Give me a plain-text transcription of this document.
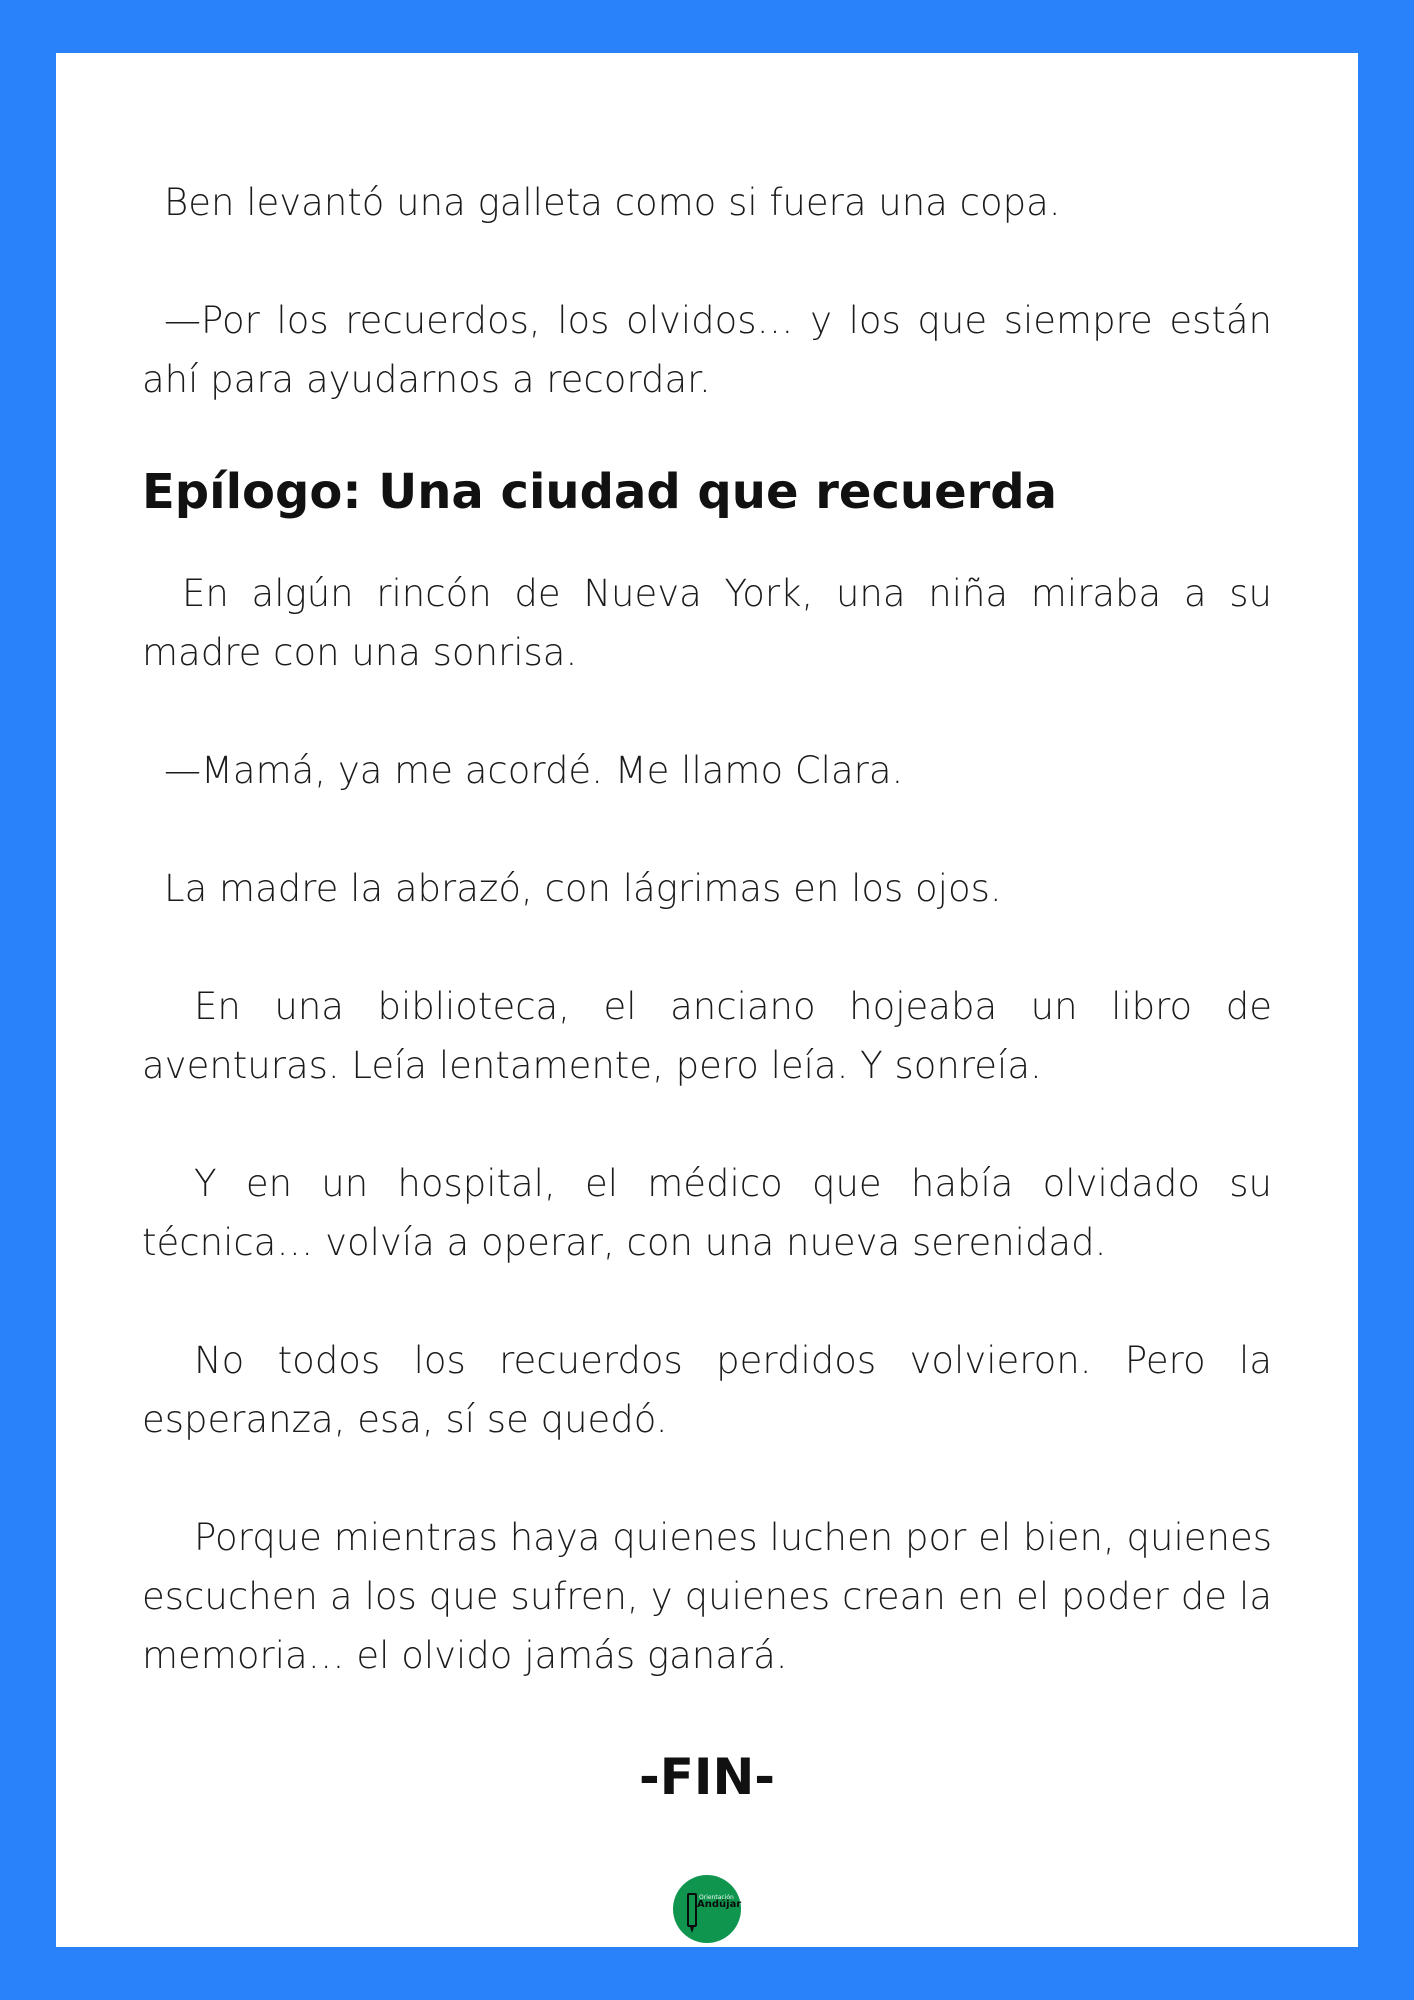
Ben levantó una galleta como si fuera una copa.

—Por los recuerdos, los olvidos… y los que siempre están ahí para ayudarnos a recordar.

Epílogo: Una ciudad que recuerda

En algún rincón de Nueva York, una niña miraba a su madre con una sonrisa.

—Mamá, ya me acordé. Me llamo Clara.

La madre la abrazó, con lágrimas en los ojos.

En una biblioteca, el anciano hojeaba un libro de aventuras. Leía lentamente, pero leía. Y sonreía.

Y en un hospital, el médico que había olvidado su técnica… volvía a operar, con una nueva serenidad.

No todos los recuerdos perdidos volvieron. Pero la esperanza, esa, sí se quedó.

Porque mientras haya quienes luchen por el bien, quienes escuchen a los que sufren, y quienes crean en el poder de la memoria… el olvido jamás ganará.

-FIN-
Orientación
Andújar
